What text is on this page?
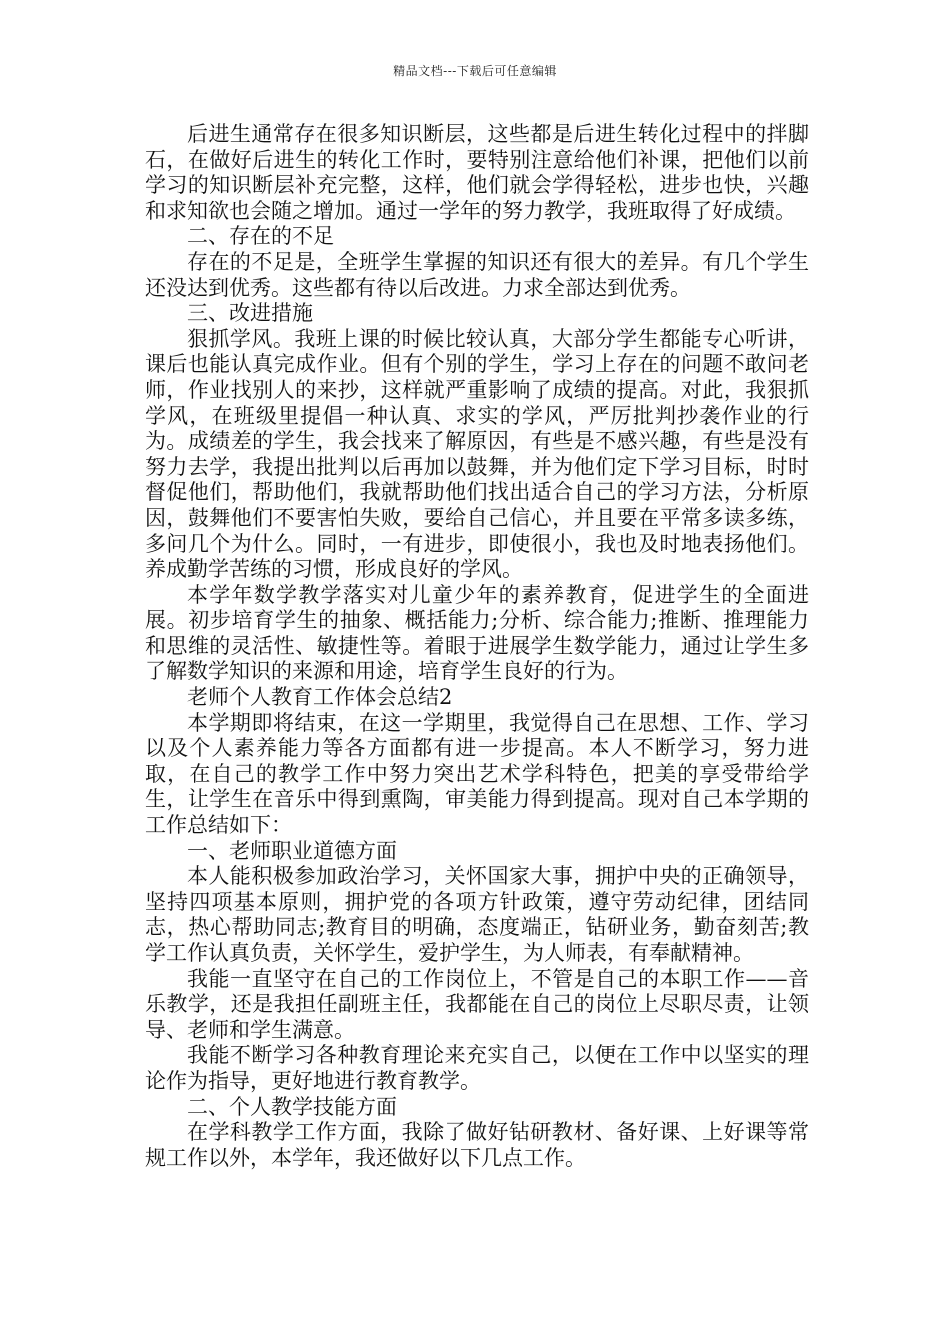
精品文档---下载后可任意编辑

后进生通常存在很多知识断层，这些都是后进生转化过程中的拌脚石，在做好后进生的转化工作时，要特别注意给他们补课，把他们以前学习的知识断层补充完整，这样，他们就会学得轻松，进步也快，兴趣和求知欲也会随之增加。通过一学年的努力教学，我班取得了好成绩。

二、存在的不足

存在的不足是，全班学生掌握的知识还有很大的差异。有几个学生还没达到优秀。这些都有待以后改进。力求全部达到优秀。

三、改进措施

狠抓学风。我班上课的时候比较认真，大部分学生都能专心听讲，课后也能认真完成作业。但有个别的学生，学习上存在的问题不敢问老师，作业找别人的来抄，这样就严重影响了成绩的提高。对此，我狠抓学风，在班级里提倡一种认真、求实的学风，严厉批判抄袭作业的行为。成绩差的学生，我会找来了解原因，有些是不感兴趣，有些是没有努力去学，我提出批判以后再加以鼓舞，并为他们定下学习目标，时时督促他们，帮助他们，我就帮助他们找出适合自己的学习方法，分析原因，鼓舞他们不要害怕失败，要给自己信心，并且要在平常多读多练，多问几个为什么。同时，一有进步，即使很小，我也及时地表扬他们。养成勤学苦练的习惯，形成良好的学风。

本学年数学教学落实对儿童少年的素养教育，促进学生的全面进展。初步培育学生的抽象、概括能力;分析、综合能力;推断、推理能力和思维的灵活性、敏捷性等。着眼于进展学生数学能力，通过让学生多了解数学知识的来源和用途，培育学生良好的行为。

老师个人教育工作体会总结2

本学期即将结束，在这一学期里，我觉得自己在思想、工作、学习以及个人素养能力等各方面都有进一步提高。本人不断学习，努力进取，在自己的教学工作中努力突出艺术学科特色，把美的享受带给学生，让学生在音乐中得到熏陶，审美能力得到提高。现对自己本学期的工作总结如下：

一、老师职业道德方面

本人能积极参加政治学习，关怀国家大事，拥护中央的正确领导，坚持四项基本原则，拥护党的各项方针政策，遵守劳动纪律，团结同志，热心帮助同志;教育目的明确，态度端正，钻研业务，勤奋刻苦;教学工作认真负责，关怀学生，爱护学生，为人师表，有奉献精神。

我能一直坚守在自己的工作岗位上，不管是自己的本职工作——音乐教学，还是我担任副班主任，我都能在自己的岗位上尽职尽责，让领导、老师和学生满意。

我能不断学习各种教育理论来充实自己，以便在工作中以坚实的理论作为指导，更好地进行教育教学。

二、个人教学技能方面

在学科教学工作方面，我除了做好钻研教材、备好课、上好课等常规工作以外，本学年，我还做好以下几点工作。
